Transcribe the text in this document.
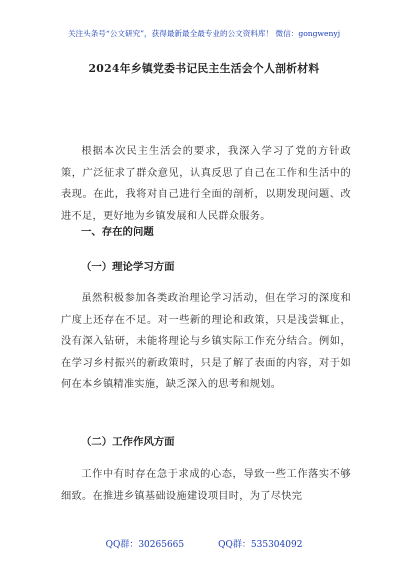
关注头条号“公文研究”，获得最新最全最专业的公文资料库！ 微信：gongwenyj
2024年乡镇党委书记民主生活会个人剖析材料

根据本次民主生活会的要求，我深入学习了党的方针政策，广泛征求了群众意见，认真反思了自己在工作和生活中的表现。在此，我将对自己进行全面的剖析，以期发现问题、改进不足，更好地为乡镇发展和人民群众服务。

一、存在的问题

（一）理论学习方面

虽然积极参加各类政治理论学习活动，但在学习的深度和广度上还存在不足。对一些新的理论和政策，只是浅尝辄止，没有深入钻研，未能将理论与乡镇实际工作充分结合。例如，在学习乡村振兴的新政策时，只是了解了表面的内容，对于如何在本乡镇精准实施，缺乏深入的思考和规划。

（二）工作作风方面

工作中有时存在急于求成的心态，导致一些工作落实不够细致。在推进乡镇基础设施建设项目时，为了尽快完

QQ群：30265665	QQ群：535304092
